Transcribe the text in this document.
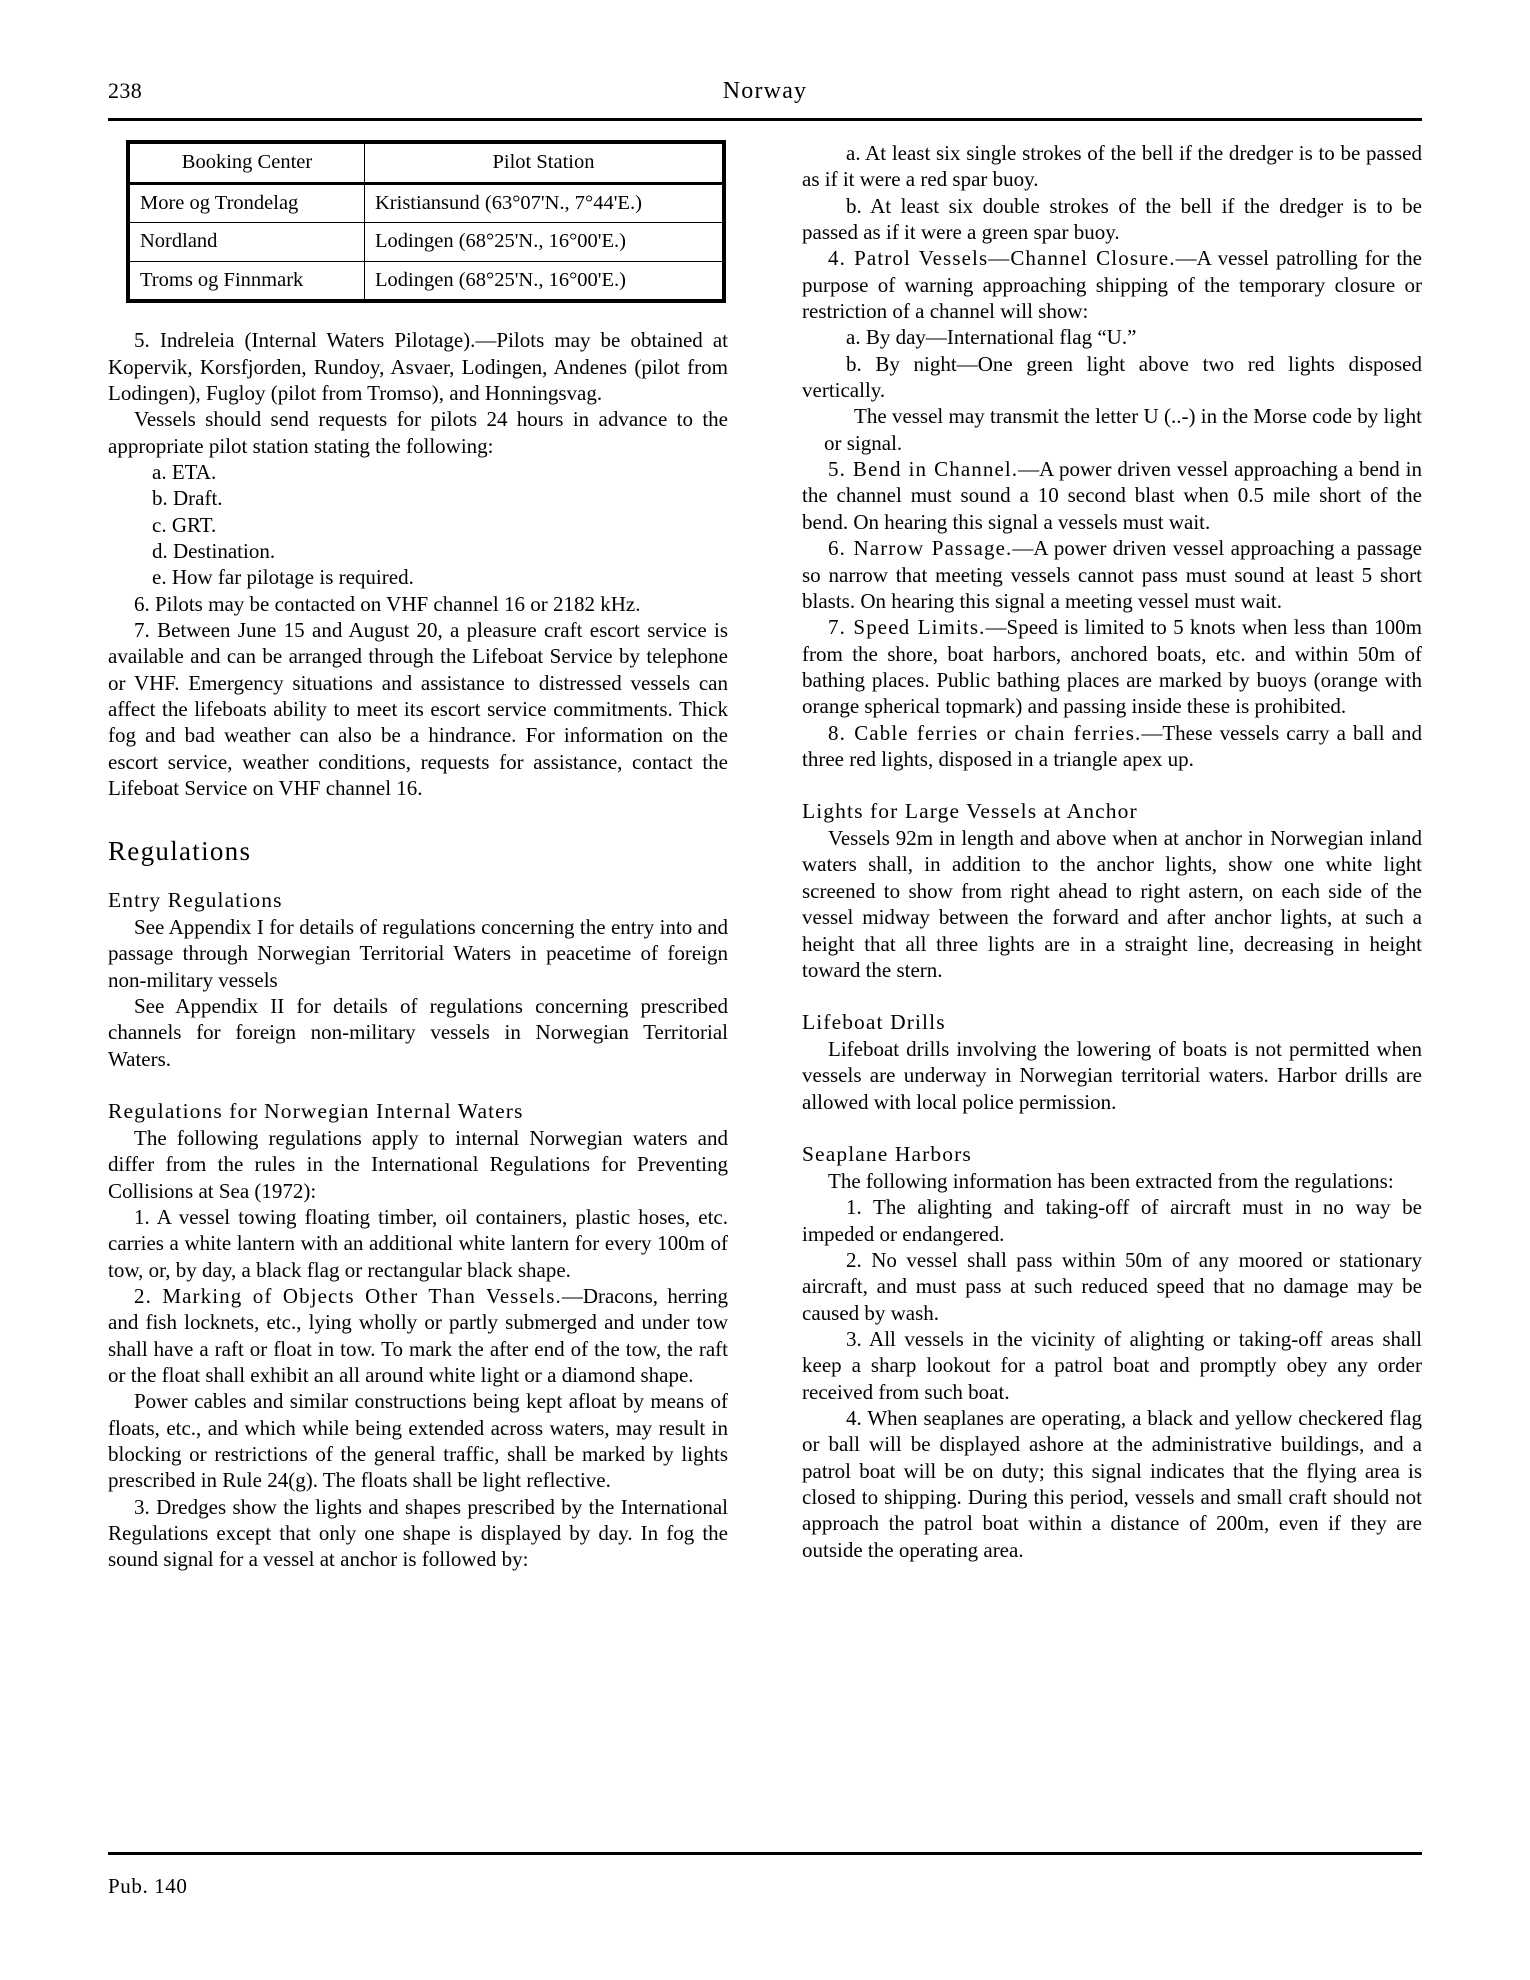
238	Norway
Booking Center	Pilot Station
More og Trondelag	Kristiansund (63°07'N., 7°44'E.)
Nordland	Lodingen (68°25'N., 16°00'E.)
Troms og Finnmark	Lodingen (68°25'N., 16°00'E.)

5. Indreleia (Internal Waters Pilotage).—Pilots may be obtained at Kopervik, Korsfjorden, Rundoy, Asvaer, Lodingen, Andenes (pilot from Lodingen), Fugloy (pilot from Tromso), and Honningsvag.

Vessels should send requests for pilots 24 hours in advance to the appropriate pilot station stating the following:

a. ETA.

b. Draft.

c. GRT.

d. Destination.

e. How far pilotage is required.

6. Pilots may be contacted on VHF channel 16 or 2182 kHz.

7. Between June 15 and August 20, a pleasure craft escort service is available and can be arranged through the Lifeboat Service by telephone or VHF. Emergency situations and assistance to distressed vessels can affect the lifeboats ability to meet its escort service commitments. Thick fog and bad weather can also be a hindrance. For information on the escort service, weather conditions, requests for assistance, contact the Lifeboat Service on VHF channel 16.

Regulations
Entry Regulations

See Appendix I for details of regulations concerning the entry into and passage through Norwegian Territorial Waters in peacetime of foreign non-military vessels

See Appendix II for details of regulations concerning prescribed channels for foreign non-military vessels in Norwegian Territorial Waters.

Regulations for Norwegian Internal Waters

The following regulations apply to internal Norwegian waters and differ from the rules in the International Regulations for Preventing Collisions at Sea (1972):

1. A vessel towing floating timber, oil containers, plastic hoses, etc. carries a white lantern with an additional white lantern for every 100m of tow, or, by day, a black flag or rectangular black shape.

2. Marking of Objects Other Than Vessels.—Dracons, herring and fish locknets, etc., lying wholly or partly submerged and under tow shall have a raft or float in tow. To mark the after end of the tow, the raft or the float shall exhibit an all around white light or a diamond shape.

Power cables and similar constructions being kept afloat by means of floats, etc., and which while being extended across waters, may result in blocking or restrictions of the general traffic, shall be marked by lights prescribed in Rule 24(g). The floats shall be light reflective.

3. Dredges show the lights and shapes prescribed by the International Regulations except that only one shape is displayed by day. In fog the sound signal for a vessel at anchor is followed by:

a. At least six single strokes of the bell if the dredger is to be passed as if it were a red spar buoy.

b. At least six double strokes of the bell if the dredger is to be passed as if it were a green spar buoy.

4. Patrol Vessels—Channel Closure.—A vessel patrolling for the purpose of warning approaching shipping of the temporary closure or restriction of a channel will show:

a. By day—International flag “U.”

b. By night—One green light above two red lights disposed vertically.

The vessel may transmit the letter U (..-) in the Morse code by light or signal.

5. Bend in Channel.—A power driven vessel approaching a bend in the channel must sound a 10 second blast when 0.5 mile short of the bend. On hearing this signal a vessels must wait.

6. Narrow Passage.—A power driven vessel approaching a passage so narrow that meeting vessels cannot pass must sound at least 5 short blasts. On hearing this signal a meeting vessel must wait.

7. Speed Limits.—Speed is limited to 5 knots when less than 100m from the shore, boat harbors, anchored boats, etc. and within 50m of bathing places. Public bathing places are marked by buoys (orange with orange spherical topmark) and passing inside these is prohibited.

8. Cable ferries or chain ferries.—These vessels carry a ball and three red lights, disposed in a triangle apex up.

Lights for Large Vessels at Anchor

Vessels 92m in length and above when at anchor in Norwegian inland waters shall, in addition to the anchor lights, show one white light screened to show from right ahead to right astern, on each side of the vessel midway between the forward and after anchor lights, at such a height that all three lights are in a straight line, decreasing in height toward the stern.

Lifeboat Drills

Lifeboat drills involving the lowering of boats is not permitted when vessels are underway in Norwegian territorial waters. Harbor drills are allowed with local police permission.

Seaplane Harbors

The following information has been extracted from the regulations:

1. The alighting and taking-off of aircraft must in no way be impeded or endangered.

2. No vessel shall pass within 50m of any moored or stationary aircraft, and must pass at such reduced speed that no damage may be caused by wash.

3. All vessels in the vicinity of alighting or taking-off areas shall keep a sharp lookout for a patrol boat and promptly obey any order received from such boat.

4. When seaplanes are operating, a black and yellow checkered flag or ball will be displayed ashore at the administrative buildings, and a patrol boat will be on duty; this signal indicates that the flying area is closed to shipping. During this period, vessels and small craft should not approach the patrol boat within a distance of 200m, even if they are outside the operating area.

Pub. 140
